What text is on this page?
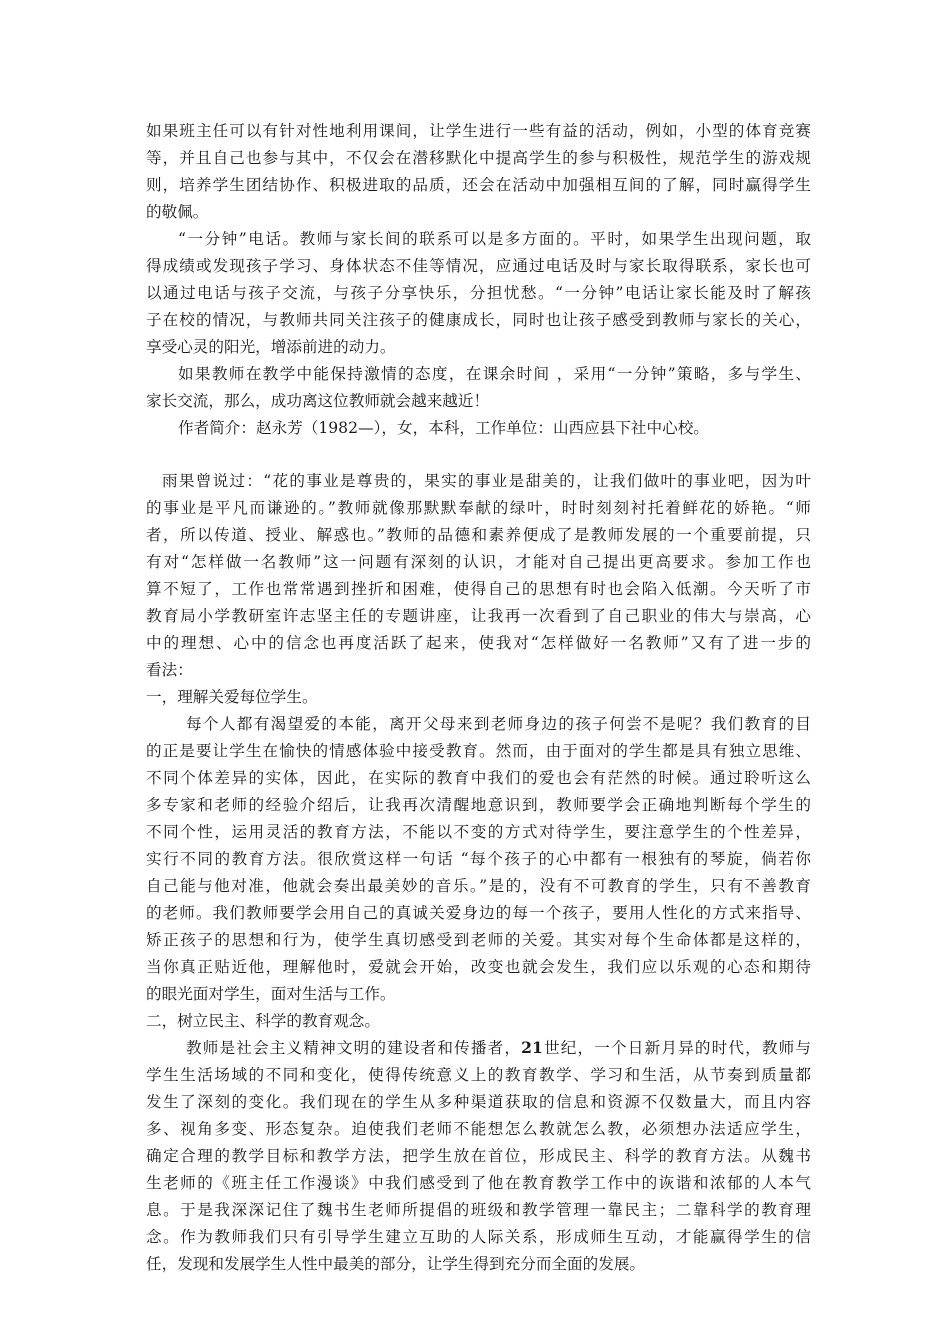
如果班主任可以有针对性地利用课间，让学生进行一些有益的活动，例如，小型的体育竞赛
等，并且自己也参与其中，不仅会在潜移默化中提高学生的参与积极性，规范学生的游戏规
则，培养学生团结协作、积极进取的品质，还会在活动中加强相互间的了解，同时赢得学生
的敬佩。
“一分钟”电话。教师与家长间的联系可以是多方面的。平时，如果学生出现问题，取
得成绩或发现孩子学习、身体状态不佳等情况，应通过电话及时与家长取得联系，家长也可
以通过电话与孩子交流，与孩子分享快乐，分担忧愁。“一分钟”电话让家长能及时了解孩
子在校的情况，与教师共同关注孩子的健康成长，同时也让孩子感受到教师与家长的关心，
享受心灵的阳光，增添前进的动力。
如果教师在教学中能保持激情的态度，在课余时间 ，采用“一分钟”策略，多与学生、
家长交流，那么，成功离这位教师就会越来越近！
作者简介：赵永芳（1982—），女，本科，工作单位：山西应县下社中心校。
雨果曾说过：“花的事业是尊贵的，果实的事业是甜美的，让我们做叶的事业吧，因为叶
的事业是平凡而谦逊的。”教师就像那默默奉献的绿叶，时时刻刻衬托着鲜花的娇艳。“师
者，所以传道、授业、解惑也。”教师的品德和素养便成了是教师发展的一个重要前提，只
有对“怎样做一名教师”这一问题有深刻的认识，才能对自己提出更高要求。参加工作也
算不短了，工作也常常遇到挫折和困难，使得自己的思想有时也会陷入低潮。今天听了市
教育局小学教研室许志坚主任的专题讲座，让我再一次看到了自己职业的伟大与崇高，心
中的理想、心中的信念也再度活跃了起来，使我对“怎样做好一名教师”又有了进一步的
看法：
一，理解关爱每位学生。
每个人都有渴望爱的本能，离开父母来到老师身边的孩子何尝不是呢？我们教育的目
的正是要让学生在愉快的情感体验中接受教育。然而，由于面对的学生都是具有独立思维、
不同个体差异的实体，因此，在实际的教育中我们的爱也会有茫然的时候。通过聆听这么
多专家和老师的经验介绍后，让我再次清醒地意识到，教师要学会正确地判断每个学生的
不同个性，运用灵活的教育方法，不能以不变的方式对待学生，要注意学生的个性差异，
实行不同的教育方法。很欣赏这样一句话 “每个孩子的心中都有一根独有的琴旋，倘若你
自己能与他对准，他就会奏出最美妙的音乐。”是的，没有不可教育的学生，只有不善教育
的老师。我们教师要学会用自己的真诚关爱身边的每一个孩子，要用人性化的方式来指导、
矫正孩子的思想和行为，使学生真切感受到老师的关爱。其实对每个生命体都是这样的，
当你真正贴近他，理解他时，爱就会开始，改变也就会发生，我们应以乐观的心态和期待
的眼光面对学生，面对生活与工作。
二，树立民主、科学的教育观念。
教师是社会主义精神文明的建设者和传播者，21世纪，一个日新月异的时代，教师与
学生生活场域的不同和变化，使得传统意义上的教育教学、学习和生活，从节奏到质量都
发生了深刻的变化。我们现在的学生从多种渠道获取的信息和资源不仅数量大，而且内容
多、视角多变、形态复杂。迫使我们老师不能想怎么教就怎么教，必须想办法适应学生，
确定合理的教学目标和教学方法，把学生放在首位，形成民主、科学的教育方法。从魏书
生老师的《班主任工作漫谈》中我们感受到了他在教育教学工作中的诙谐和浓郁的人本气
息。于是我深深记住了魏书生老师所提倡的班级和教学管理一靠民主；二靠科学的教育理
念。作为教师我们只有引导学生建立互助的人际关系，形成师生互动，才能赢得学生的信
任，发现和发展学生人性中最美的部分，让学生得到充分而全面的发展。
